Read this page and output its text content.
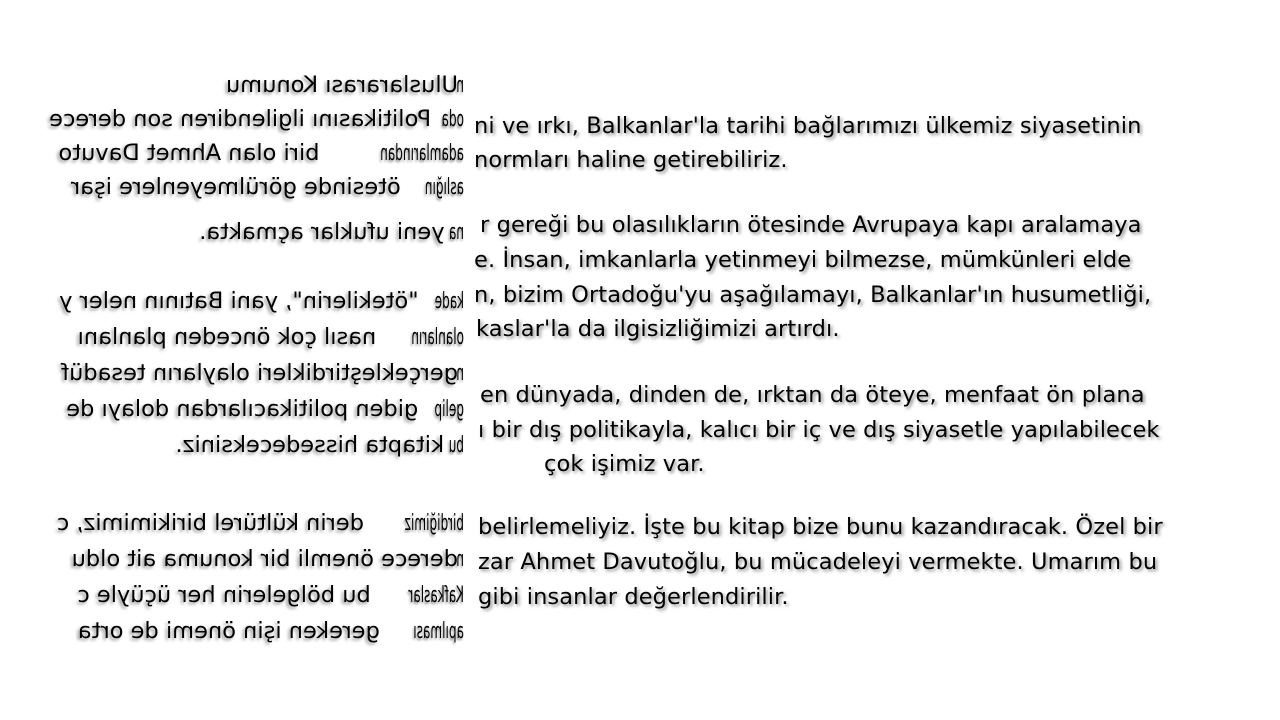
nUluslararası Konumu
odaPolitikasını ilgilendiren son derece
adamlarındanbiri olan Ahmet Davuto
aslığınötesinde görülmeyenlere işar
nayeni ufuklar açmakta.
kade"ötekilerin", yani Batının neler y
olanlarınnasıl çok önceden planlanı
ngerçekleştirdikleri olayların tesadüf
gelipgiden politikacılardan dolayı de
bukitapta hissedeceksiniz.
birdiğimizderin kültürel birikimimiz, c
nderece önemli bir konuma ait oldu
Kafkaslarbu bölgelerin her üçüyle c
apılmasıgereken işin önemi de orta
ni ve ırkı, Balkanlar'la tarihi bağlarımızı ülkemiz siyasetinin
normları haline getirebiliriz.
r gereği bu olasılıkların ötesinde Avrupaya kapı aralamaya
e. İnsan, imkanlarla yetinmeyi bilmezse, mümkünleri elde
n, bizim Ortadoğu'yu aşağılamayı, Balkanlar'ın husumetliği,
kaslar'la da ilgisizliğimizi artırdı.
en dünyada, dinden de, ırktan da öteye, menfaat ön plana
ı bir dış politikayla, kalıcı bir iç ve dış siyasetle yapılabilecek
çok işimiz var.
belirlemeliyiz. İşte bu kitap bize bunu kazandıracak. Özel bir
zar Ahmet Davutoğlu, bu mücadeleyi vermekte. Umarım bu
gibi insanlar değerlendirilir.
